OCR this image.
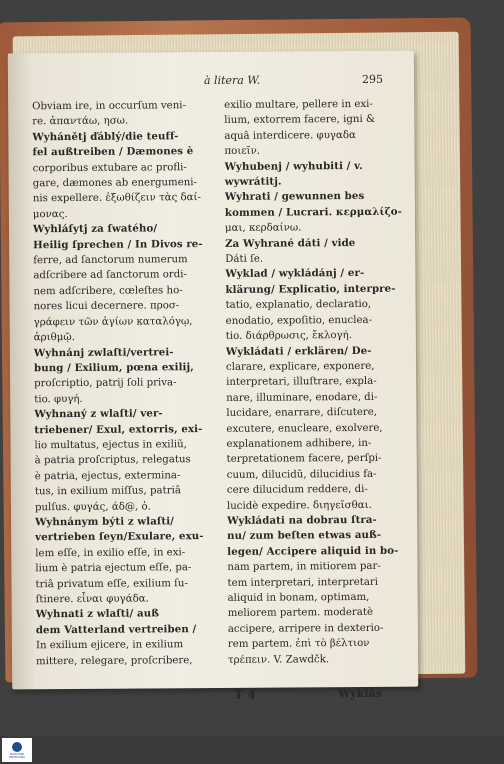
à litera W.	295
Obviam ire, in occurſum veni-
re. ἀπαντάω, ησω.
Wyhánětj ďáblý/die teuff-
fel außtreiben / Dæmones è
corporibus extubare ac profli-
gare, dæmones ab energumeni-
nis expellere. ἐξωθίζειν τὰς δαί-
μονας.
Wyhláſytj za ſwatého/
Heilig ſprechen / In Divos re-
ferre, ad ſanctorum numerum
adſcribere ad ſanctorum ordi-
nem adſcribere, cœleſtes ho-
nores licui decernere. προσ-
γράφειν τῶν ἁγίων καταλόγῳ,
ἀριθμῷ.
Wyhnánj zwlaſti/vertrei-
bung / Exilium, pœna exilij,
proſcriptio, patrij ſoli priva-
tio. φυγή.
Wyhnaný z wlaſti/ ver-
triebener/ Exul, extorris, exi-
lio multatus, ejectus in exiliũ,
à patria proſcriptus, relegatus
è patria, ejectus, extermina-
tus, in exilium miſſus, patriâ
pulſus. φυγάς, άδ@, ὁ.
Wyhnánym býti z wlaſti/
vertrieben ſeyn/Exulare, exu-
lem eſſe, in exilio eſſe, in exi-
lium è patria ejectum eſſe, pa-
triâ privatum eſſe, exilium ſu-
ſtinere. εἶναι φυγάδα.
Wyhnati z wlaſti/ auß
dem Vatterland vertreiben /
In exilium ejicere, in exilium
mittere, relegare, proſcribere,
exilio multare, pellere in exi-
lium, extorrem facere, igni &
aquâ interdicere. φυγαδα
ποιεῖν.
Wyhubenj / wyhubiti / v.
wywrátitj.
Wyhrati / gewunnen bes
kommen / Lucrari. κερμαλίζο-
μαι, κερδαίνω.
Za Wyhrané dáti / vide
Dáti ſe.
Wyklad / wykládánj / er-
klärung/ Explicatio, interpre-
tatio, explanatio, declaratio,
enodatio, expoſitio, enuclea-
tio. διάρθρωσις, ἔκλογή.
Wykládati / erklären/ De-
clarare, explicare, exponere,
interpretari, illuſtrare, expla-
nare, illuminare, enodare, di-
lucidare, enarrare, diſcutere,
excutere, enucleare, exolvere,
explanationem adhibere, in-
terpretationem facere, perſpi-
cuum, dilucidũ, dilucidius fa-
cere dilucidum reddere, di-
lucidè expedire. διηγεῖσθαι.
Wykládati na dobrau ſtra-
nu/ zum beſten etwas auß-
legen/ Accipere aliquid in bo-
nam partem, in mitiorem par-
tem interpretari, interpretari
aliquid in bonam, optimam,
meliorem partem. moderatè
accipere, arripere in dexterio-
rem partem. ἐπὶ τὸ βέλτιον
τρέπειν. V. Zawdčk.
T 4	Wyklás
NÁRODNÍ KNIHOVNA
